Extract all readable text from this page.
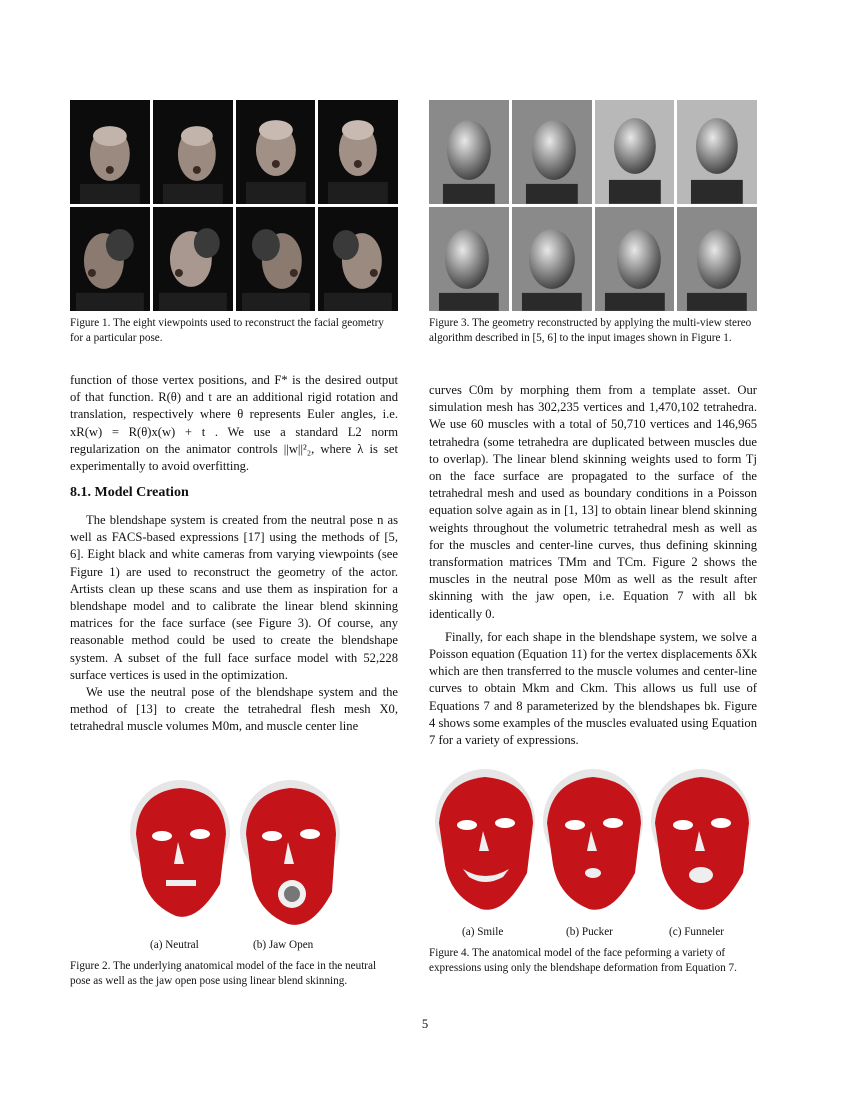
Figure 1. The eight viewpoints used to reconstruct the facial geometry for a particular pose.
Figure 3. The geometry reconstructed by applying the multi-view stereo algorithm described in [5, 6] to the input images shown in Figure 1.

function of those vertex positions, and F* is the desired output of that function. R(θ) and t are an additional rigid rotation and translation, respectively where θ represents Euler angles, i.e. xR(w) = R(θ)x(w) + t . We use a standard L2 norm regularization on the animator controls ||w||²₂, where λ is set experimentally to avoid overfitting.

8.1. Model Creation

The blendshape system is created from the neutral pose n as well as FACS-based expressions [17] using the methods of [5, 6]. Eight black and white cameras from varying viewpoints (see Figure 1) are used to reconstruct the geometry of the actor. Artists clean up these scans and use them as inspiration for a blendshape model and to calibrate the linear blend skinning matrices for the face surface (see Figure 3). Of course, any reasonable method could be used to create the blendshape system. A subset of the full face surface model with 52,228 surface vertices is used in the optimization.

We use the neutral pose of the blendshape system and the method of [13] to create the tetrahedral flesh mesh X0, tetrahedral muscle volumes M0m, and muscle center line

curves C0m by morphing them from a template asset. Our simulation mesh has 302,235 vertices and 1,470,102 tetrahedra. We use 60 muscles with a total of 50,710 vertices and 146,965 tetrahedra (some tetrahedra are duplicated between muscles due to overlap). The linear blend skinning weights used to form Tj on the face surface are propagated to the surface of the tetrahedral mesh and used as boundary conditions in a Poisson equation solve again as in [1, 13] to obtain linear blend skinning weights throughout the volumetric tetrahedral mesh as well as for the muscles and center-line curves, thus defining skinning transformation matrices TMm and TCm. Figure 2 shows the muscles in the neutral pose M0m as well as the result after skinning with the jaw open, i.e. Equation 7 with all bk identically 0.

Finally, for each shape in the blendshape system, we solve a Poisson equation (Equation 11) for the vertex displacements δXk which are then transferred to the muscle volumes and center-line curves to obtain Mkm and Ckm. This allows us full use of Equations 7 and 8 parameterized by the blendshapes bk. Figure 4 shows some examples of the muscles evaluated using Equation 7 for a variety of expressions.

(a) Neutral	(b) Jaw Open
Figure 2. The underlying anatomical model of the face in the neutral pose as well as the jaw open pose using linear blend skinning.
(a) Smile	(b) Pucker	(c) Funneler
Figure 4. The anatomical model of the face peforming a variety of expressions using only the blendshape deformation from Equation 7.
5
